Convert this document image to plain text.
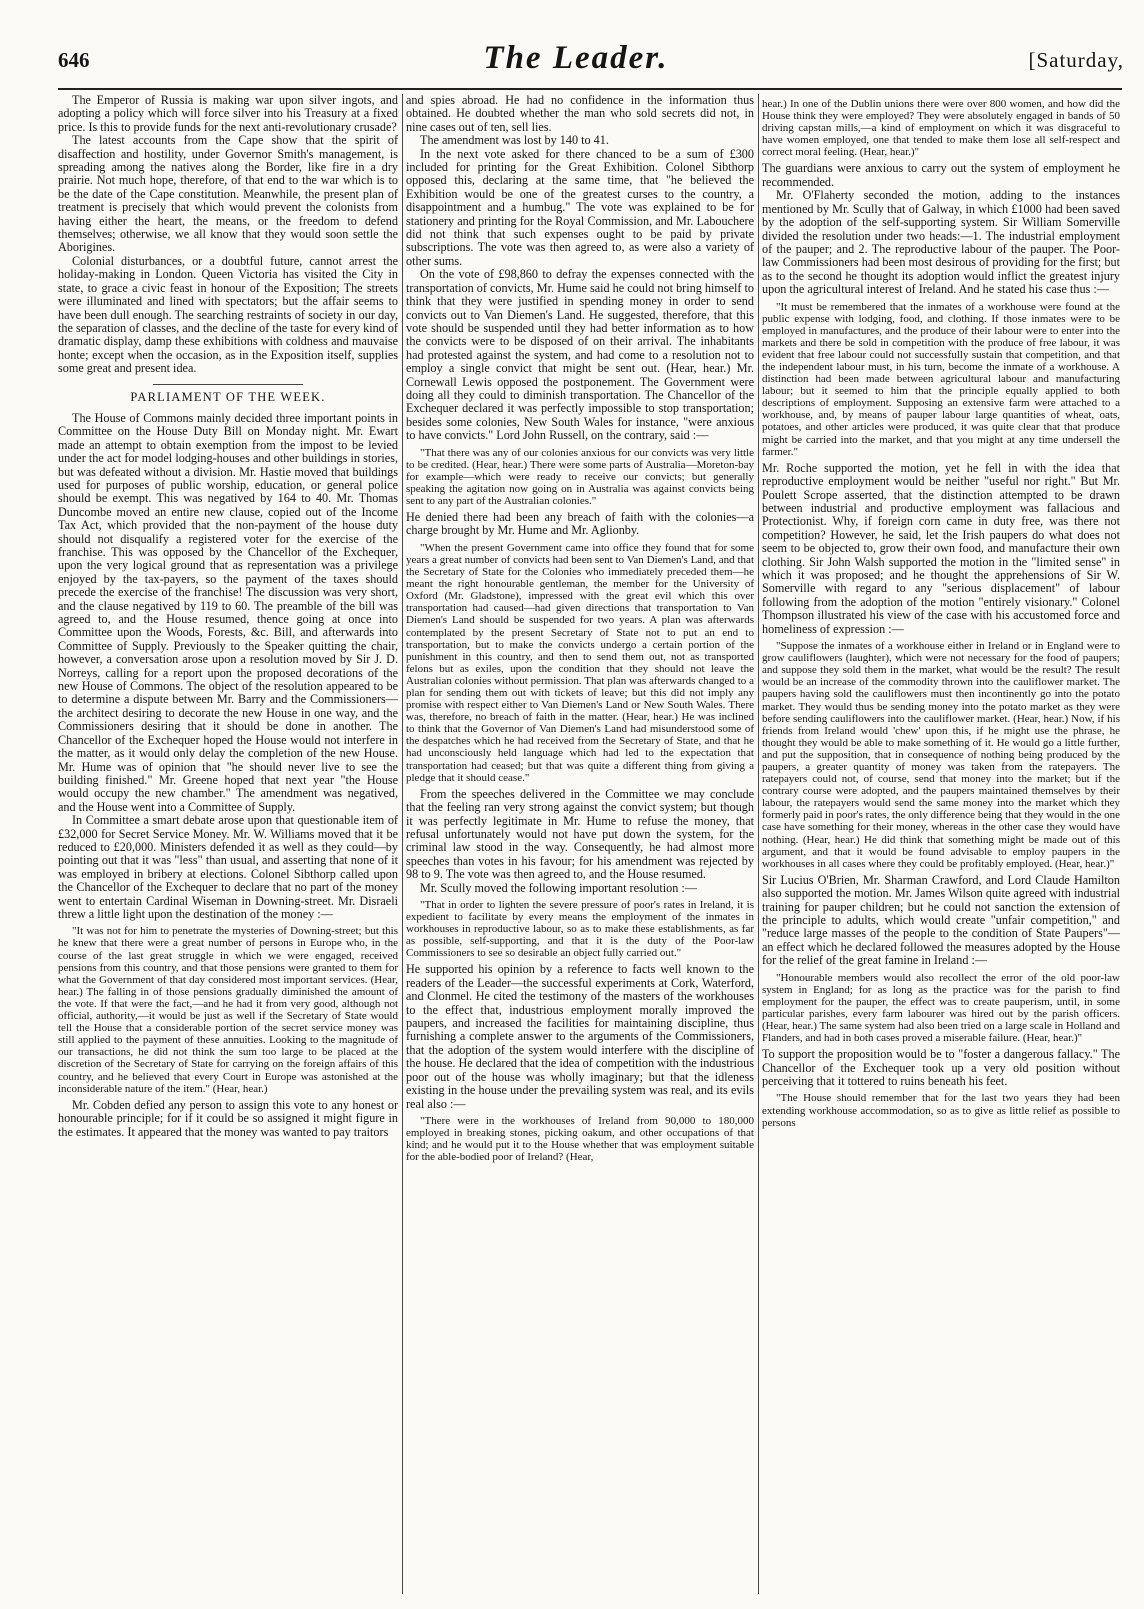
646	The Leader.	[Saturday,

The Emperor of Russia is making war upon silver ingots, and adopting a policy which will force silver into his Treasury at a fixed price. Is this to provide funds for the next anti-revolutionary crusade?

The latest accounts from the Cape show that the spirit of disaffection and hostility, under Governor Smith's management, is spreading among the natives along the Border, like fire in a dry prairie. Not much hope, therefore, of that end to the war which is to be the date of the Cape constitution. Meanwhile, the present plan of treatment is precisely that which would prevent the colonists from having either the heart, the means, or the freedom to defend themselves; otherwise, we all know that they would soon settle the Aborigines.

Colonial disturbances, or a doubtful future, cannot arrest the holiday-making in London. Queen Victoria has visited the City in state, to grace a civic feast in honour of the Exposition; The streets were illuminated and lined with spectators; but the affair seems to have been dull enough. The searching restraints of society in our day, the separation of classes, and the decline of the taste for every kind of dramatic display, damp these exhibitions with coldness and mauvaise honte; except when the occasion, as in the Exposition itself, supplies some great and present idea.

PARLIAMENT OF THE WEEK.

The House of Commons mainly decided three important points in Committee on the House Duty Bill on Monday night. Mr. Ewart made an attempt to obtain exemption from the impost to be levied under the act for model lodging-houses and other buildings in stories, but was defeated without a division. Mr. Hastie moved that buildings used for purposes of public worship, education, or general police should be exempt. This was negatived by 164 to 40. Mr. Thomas Duncombe moved an entire new clause, copied out of the Income Tax Act, which provided that the non-payment of the house duty should not disqualify a registered voter for the exercise of the franchise. This was opposed by the Chancellor of the Exchequer, upon the very logical ground that as representation was a privilege enjoyed by the tax-payers, so the payment of the taxes should precede the exercise of the franchise! The discussion was very short, and the clause negatived by 119 to 60. The preamble of the bill was agreed to, and the House resumed, thence going at once into Committee upon the Woods, Forests, &c. Bill, and afterwards into Committee of Supply. Previously to the Speaker quitting the chair, however, a conversation arose upon a resolution moved by Sir J. D. Norreys, calling for a report upon the proposed decorations of the new House of Commons. The object of the resolution appeared to be to determine a dispute between Mr. Barry and the Commissioners—the architect desiring to decorate the new House in one way, and the Commissioners desiring that it should be done in another. The Chancellor of the Exchequer hoped the House would not interfere in the matter, as it would only delay the completion of the new House. Mr. Hume was of opinion that "he should never live to see the building finished." Mr. Greene hoped that next year "the House would occupy the new chamber." The amendment was negatived, and the House went into a Committee of Supply.

In Committee a smart debate arose upon that questionable item of £32,000 for Secret Service Money. Mr. W. Williams moved that it be reduced to £20,000. Ministers defended it as well as they could—by pointing out that it was "less" than usual, and asserting that none of it was employed in bribery at elections. Colonel Sibthorp called upon the Chancellor of the Exchequer to declare that no part of the money went to entertain Cardinal Wiseman in Downing-street. Mr. Disraeli threw a little light upon the destination of the money :—

"It was not for him to penetrate the mysteries of Downing-street; but this he knew that there were a great number of persons in Europe who, in the course of the last great struggle in which we were engaged, received pensions from this country, and that those pensions were granted to them for what the Government of that day considered most important services. (Hear, hear.) The falling in of those pensions gradually diminished the amount of the vote. If that were the fact,—and he had it from very good, although not official, authority,—it would be just as well if the Secretary of State would tell the House that a considerable portion of the secret service money was still applied to the payment of these annuities. Looking to the magnitude of our transactions, he did not think the sum too large to be placed at the discretion of the Secretary of State for carrying on the foreign affairs of this country, and he believed that every Court in Europe was astonished at the inconsiderable nature of the item." (Hear, hear.)

Mr. Cobden defied any person to assign this vote to any honest or honourable principle; for if it could be so assigned it might figure in the estimates. It appeared that the money was wanted to pay traitors

and spies abroad. He had no confidence in the information thus obtained. He doubted whether the man who sold secrets did not, in nine cases out of ten, sell lies.

The amendment was lost by 140 to 41.

In the next vote asked for there chanced to be a sum of £300 included for printing for the Great Exhibition. Colonel Sibthorp opposed this, declaring at the same time, that "he believed the Exhibition would be one of the greatest curses to the country, a disappointment and a humbug." The vote was explained to be for stationery and printing for the Royal Commission, and Mr. Labouchere did not think that such expenses ought to be paid by private subscriptions. The vote was then agreed to, as were also a variety of other sums.

On the vote of £98,860 to defray the expenses connected with the transportation of convicts, Mr. Hume said he could not bring himself to think that they were justified in spending money in order to send convicts out to Van Diemen's Land. He suggested, therefore, that this vote should be suspended until they had better information as to how the convicts were to be disposed of on their arrival. The inhabitants had protested against the system, and had come to a resolution not to employ a single convict that might be sent out. (Hear, hear.) Mr. Cornewall Lewis opposed the postponement. The Government were doing all they could to diminish transportation. The Chancellor of the Exchequer declared it was perfectly impossible to stop transportation; besides some colonies, New South Wales for instance, "were anxious to have convicts." Lord John Russell, on the contrary, said :—

"That there was any of our colonies anxious for our convicts was very little to be credited. (Hear, hear.) There were some parts of Australia—Moreton-bay for example—which were ready to receive our convicts; but generally speaking the agitation now going on in Australia was against convicts being sent to any part of the Australian colonies."

He denied there had been any breach of faith with the colonies—a charge brought by Mr. Hume and Mr. Aglionby.

"When the present Government came into office they found that for some years a great number of convicts had been sent to Van Diemen's Land, and that the Secretary of State for the Colonies who immediately preceded them—he meant the right honourable gentleman, the member for the University of Oxford (Mr. Gladstone), impressed with the great evil which this over transportation had caused—had given directions that transportation to Van Diemen's Land should be suspended for two years. A plan was afterwards contemplated by the present Secretary of State not to put an end to transportation, but to make the convicts undergo a certain portion of the punishment in this country, and then to send them out, not as transported felons but as exiles, upon the condition that they should not leave the Australian colonies without permission. That plan was afterwards changed to a plan for sending them out with tickets of leave; but this did not imply any promise with respect either to Van Diemen's Land or New South Wales. There was, therefore, no breach of faith in the matter. (Hear, hear.) He was inclined to think that the Governor of Van Diemen's Land had misunderstood some of the despatches which he had received from the Secretary of State, and that he had unconsciously held language which had led to the expectation that transportation had ceased; but that was quite a different thing from giving a pledge that it should cease."

From the speeches delivered in the Committee we may conclude that the feeling ran very strong against the convict system; but though it was perfectly legitimate in Mr. Hume to refuse the money, that refusal unfortunately would not have put down the system, for the criminal law stood in the way. Consequently, he had almost more speeches than votes in his favour; for his amendment was rejected by 98 to 9. The vote was then agreed to, and the House resumed.

Mr. Scully moved the following important resolution :—

"That in order to lighten the severe pressure of poor's rates in Ireland, it is expedient to facilitate by every means the employment of the inmates in workhouses in reproductive labour, so as to make these establishments, as far as possible, self-supporting, and that it is the duty of the Poor-law Commissioners to see so desirable an object fully carried out."

He supported his opinion by a reference to facts well known to the readers of the Leader—the successful experiments at Cork, Waterford, and Clonmel. He cited the testimony of the masters of the workhouses to the effect that, industrious employment morally improved the paupers, and increased the facilities for maintaining discipline, thus furnishing a complete answer to the arguments of the Commissioners, that the adoption of the system would interfere with the discipline of the house. He declared that the idea of competition with the industrious poor out of the house was wholly imaginary; but that the idleness existing in the house under the prevailing system was real, and its evils real also :—

"There were in the workhouses of Ireland from 90,000 to 180,000 employed in breaking stones, picking oakum, and other occupations of that kind; and he would put it to the House whether that was employment suitable for the able-bodied poor of Ireland? (Hear,

hear.) In one of the Dublin unions there were over 800 women, and how did the House think they were employed? They were absolutely engaged in bands of 50 driving capstan mills,—a kind of employment on which it was disgraceful to have women employed, one that tended to make them lose all self-respect and correct moral feeling. (Hear, hear.)"

The guardians were anxious to carry out the system of employment he recommended.

Mr. O'Flaherty seconded the motion, adding to the instances mentioned by Mr. Scully that of Galway, in which £1000 had been saved by the adoption of the self-supporting system. Sir William Somerville divided the resolution under two heads:—1. The industrial employment of the pauper; and 2. The reproductive labour of the pauper. The Poor-law Commissioners had been most desirous of providing for the first; but as to the second he thought its adoption would inflict the greatest injury upon the agricultural interest of Ireland. And he stated his case thus :—

"It must be remembered that the inmates of a workhouse were found at the public expense with lodging, food, and clothing. If those inmates were to be employed in manufactures, and the produce of their labour were to enter into the markets and there be sold in competition with the produce of free labour, it was evident that free labour could not successfully sustain that competition, and that the independent labour must, in his turn, become the inmate of a workhouse. A distinction had been made between agricultural labour and manufacturing labour; but it seemed to him that the principle equally applied to both descriptions of employment. Supposing an extensive farm were attached to a workhouse, and, by means of pauper labour large quantities of wheat, oats, potatoes, and other articles were produced, it was quite clear that that produce might be carried into the market, and that you might at any time undersell the farmer."

Mr. Roche supported the motion, yet he fell in with the idea that reproductive employment would be neither "useful nor right." But Mr. Poulett Scrope asserted, that the distinction attempted to be drawn between industrial and productive employment was fallacious and Protectionist. Why, if foreign corn came in duty free, was there not competition? However, he said, let the Irish paupers do what does not seem to be objected to, grow their own food, and manufacture their own clothing. Sir John Walsh supported the motion in the "limited sense" in which it was proposed; and he thought the apprehensions of Sir W. Somerville with regard to any "serious displacement" of labour following from the adoption of the motion "entirely visionary." Colonel Thompson illustrated his view of the case with his accustomed force and homeliness of expression :—

"Suppose the inmates of a workhouse either in Ireland or in England were to grow cauliflowers (laughter), which were not necessary for the food of paupers; and suppose they sold them in the market, what would be the result? The result would be an increase of the commodity thrown into the cauliflower market. The paupers having sold the cauliflowers must then incontinently go into the potato market. They would thus be sending money into the potato market as they were before sending cauliflowers into the cauliflower market. (Hear, hear.) Now, if his friends from Ireland would 'chew' upon this, if he might use the phrase, he thought they would be able to make something of it. He would go a little further, and put the supposition, that in consequence of nothing being produced by the paupers, a greater quantity of money was taken from the ratepayers. The ratepayers could not, of course, send that money into the market; but if the contrary course were adopted, and the paupers maintained themselves by their labour, the ratepayers would send the same money into the market which they formerly paid in poor's rates, the only difference being that they would in the one case have something for their money, whereas in the other case they would have nothing. (Hear, hear.) He did think that something might be made out of this argument, and that it would be found advisable to employ paupers in the workhouses in all cases where they could be profitably employed. (Hear, hear.)"

Sir Lucius O'Brien, Mr. Sharman Crawford, and Lord Claude Hamilton also supported the motion. Mr. James Wilson quite agreed with industrial training for pauper children; but he could not sanction the extension of the principle to adults, which would create "unfair competition," and "reduce large masses of the people to the condition of State Paupers"—an effect which he declared followed the measures adopted by the House for the relief of the great famine in Ireland :—

"Honourable members would also recollect the error of the old poor-law system in England; for as long as the practice was for the parish to find employment for the pauper, the effect was to create pauperism, until, in some particular parishes, every farm labourer was hired out by the parish officers. (Hear, hear.) The same system had also been tried on a large scale in Holland and Flanders, and had in both cases proved a miserable failure. (Hear, hear.)"

To support the proposition would be to "foster a dangerous fallacy." The Chancellor of the Exchequer took up a very old position without perceiving that it tottered to ruins beneath his feet.

"The House should remember that for the last two years they had been extending workhouse accommodation, so as to give as little relief as possible to persons
